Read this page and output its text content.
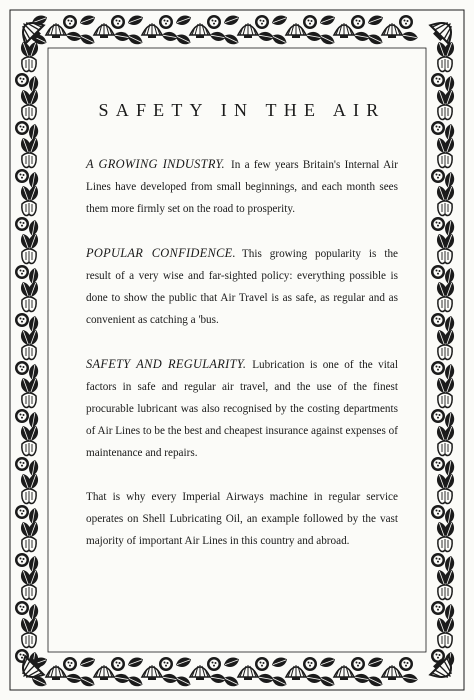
SAFETY IN THE AIR

A GROWING INDUSTRY. In a few years Britain's Internal Air Lines have developed from small beginnings, and each month sees them more firmly set on the road to prosperity.

POPULAR CONFIDENCE. This growing popularity is the result of a very wise and far-sighted policy: everything possible is done to show the public that Air Travel is as safe, as regular and as convenient as catching a 'bus.

SAFETY AND REGULARITY. Lubrication is one of the vital factors in safe and regular air travel, and the use of the finest procurable lubricant was also recognised by the costing departments of Air Lines to be the best and cheapest insurance against expenses of maintenance and repairs.

That is why every Imperial Airways machine in regular service operates on Shell Lubricating Oil, an example followed by the vast majority of important Air Lines in this country and abroad.
